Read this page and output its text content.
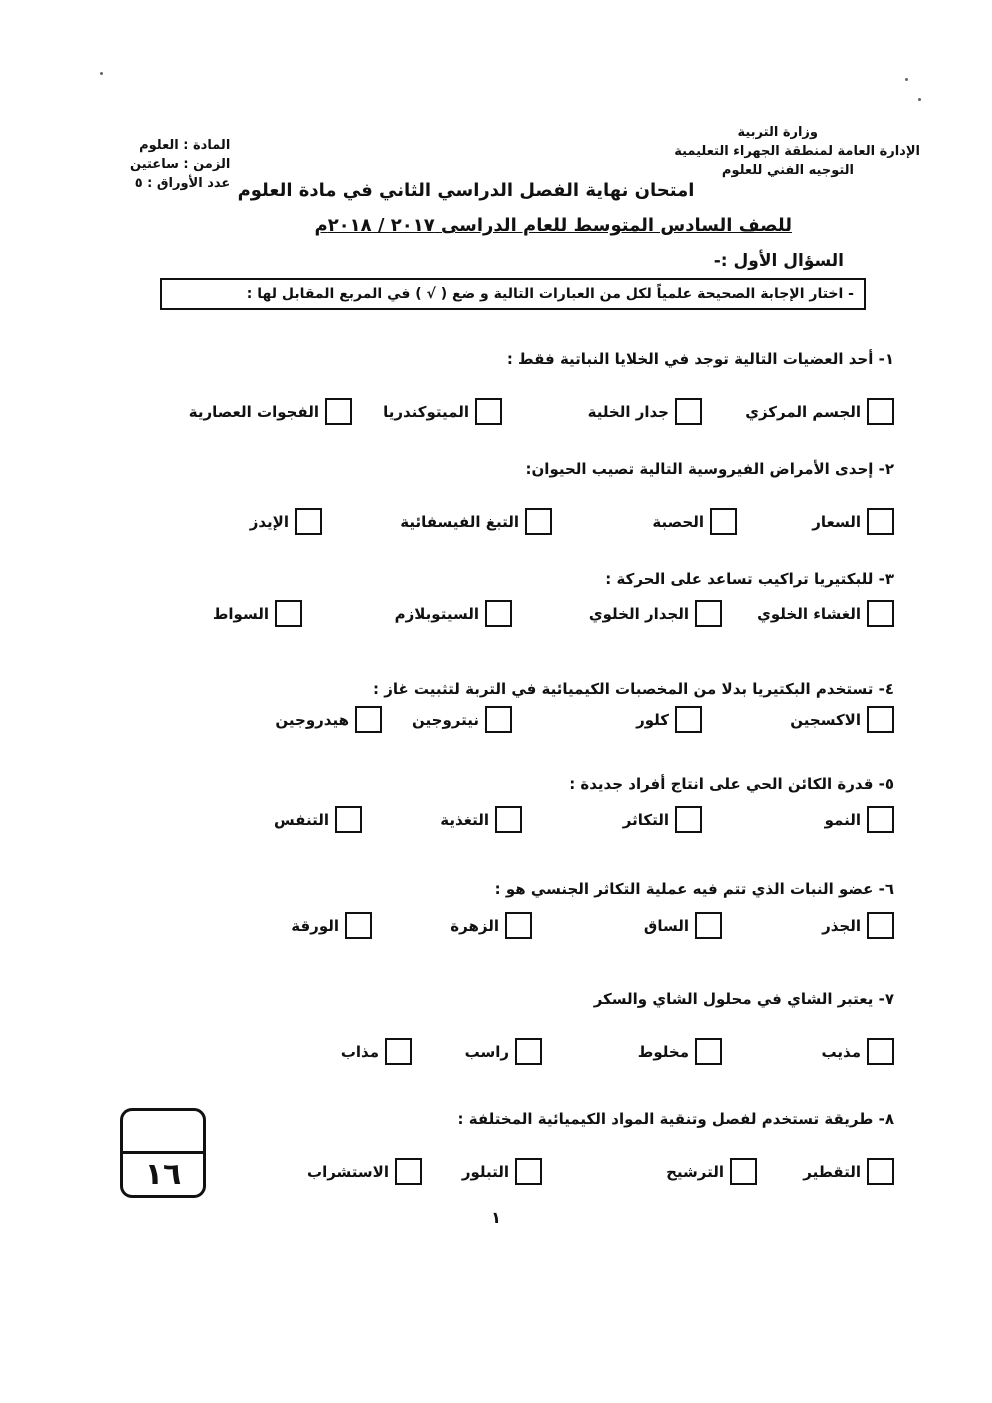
وزارة التربية
الإدارة العامة لمنطقة الجهراء التعليمية
التوجيه الفني للعلوم
المادة : العلوم
الزمن : ساعتين
عدد الأوراق : ٥ امتحان نهاية الفصل الدراسي الثاني في مادة العلوم
للصف السادس المتوسط للعام الدراسى ٢٠١٧ / ٢٠١٨م
السؤال الأول :-
- اختار الإجابة الصحيحة علمياً لكل من العبارات التالية و ضع ( √ ) في المربع المقابل لها :
١- أحد العضيات التالية توجد في الخلايا النباتية فقط :
الجسم المركزي
جدار الخلية
الميتوكندريا
الفجوات العصارية
٢- إحدى الأمراض الفيروسية التالية تصيب الحيوان:
السعار
الحصبة
التبغ الفيسفائية
الإيدز
٣- للبكتيريا تراكيب تساعد على الحركة :
الغشاء الخلوي
الجدار الخلوي
السيتوبلازم
السواط
٤- تستخدم البكتيريا بدلا من المخصبات الكيميائية في التربة لتثبيت غاز :
الاكسجين
كلور
نيتروجين
هيدروجين
٥- قدرة الكائن الحي على انتاج أفراد جديدة :
النمو
التكاثر
التغذية
التنفس
٦- عضو النبات الذي تتم فيه عملية التكاثر الجنسي هو :
الجذر
الساق
الزهرة
الورقة
٧- يعتبر الشاي في محلول الشاي والسكر
مذيب
مخلوط
راسب
مذاب
٨- طريقة تستخدم لفصل وتنقية المواد الكيميائية المختلفة :
التقطير
الترشيح
التبلور
الاستشراب
١٦
١
